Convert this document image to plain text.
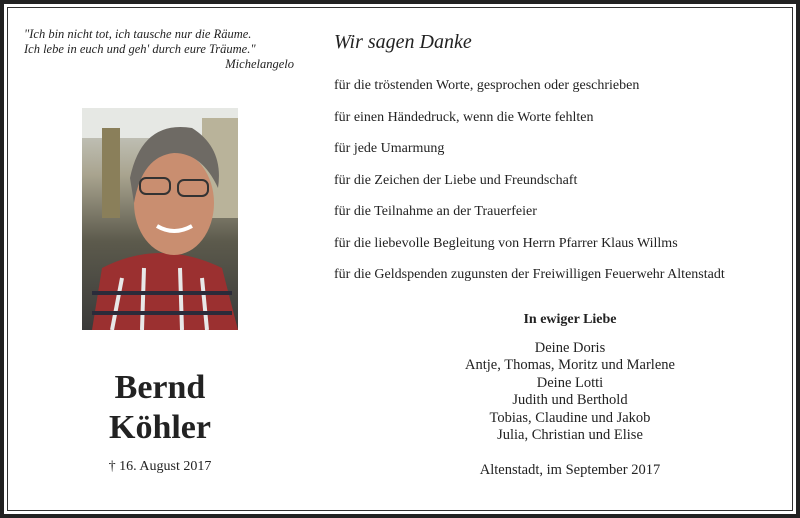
"Ich bin nicht tot, ich tausche nur die Räume.
Ich lebe in euch und geh' durch eure Träume."
Michelangelo
Bernd
Köhler
† 16. August 2017
Wir sagen Danke
für die tröstenden Worte, gesprochen oder geschrieben
für einen Händedruck, wenn die Worte fehlten
für jede Umarmung
für die Zeichen der Liebe und Freundschaft
für die Teilnahme an der Trauerfeier
für die liebevolle Begleitung von Herrn Pfarrer Klaus Willms
für die Geldspenden zugunsten der Freiwilligen Feuerwehr Altenstadt
In ewiger Liebe
Deine Doris
Antje, Thomas, Moritz und Marlene
Deine Lotti
Judith und Berthold
Tobias, Claudine und Jakob
Julia, Christian und Elise
Altenstadt, im September 2017
